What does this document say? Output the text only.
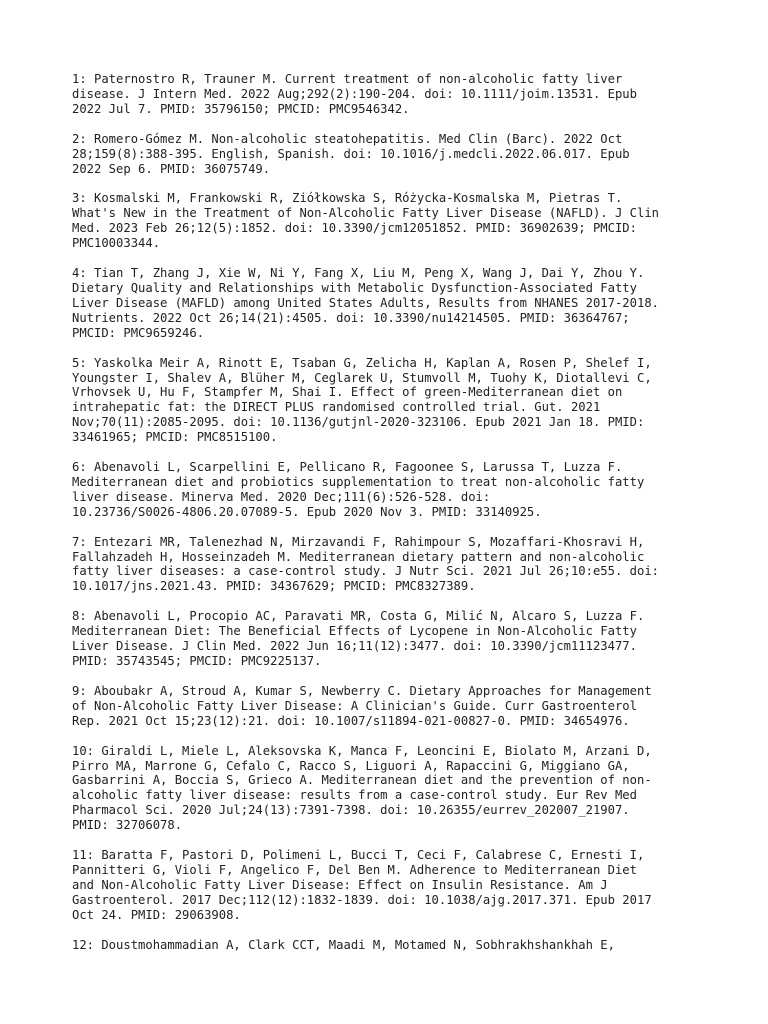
1: Paternostro R, Trauner M. Current treatment of non-alcoholic fatty liver
disease. J Intern Med. 2022 Aug;292(2):190-204. doi: 10.1111/joim.13531. Epub
2022 Jul 7. PMID: 35796150; PMCID: PMC9546342.
2: Romero-Gómez M. Non-alcoholic steatohepatitis. Med Clin (Barc). 2022 Oct
28;159(8):388-395. English, Spanish. doi: 10.1016/j.medcli.2022.06.017. Epub
2022 Sep 6. PMID: 36075749.
3: Kosmalski M, Frankowski R, Ziółkowska S, Różycka-Kosmalska M, Pietras T.
What's New in the Treatment of Non-Alcoholic Fatty Liver Disease (NAFLD). J Clin
Med. 2023 Feb 26;12(5):1852. doi: 10.3390/jcm12051852. PMID: 36902639; PMCID:
PMC10003344.
4: Tian T, Zhang J, Xie W, Ni Y, Fang X, Liu M, Peng X, Wang J, Dai Y, Zhou Y.
Dietary Quality and Relationships with Metabolic Dysfunction-Associated Fatty
Liver Disease (MAFLD) among United States Adults, Results from NHANES 2017-2018.
Nutrients. 2022 Oct 26;14(21):4505. doi: 10.3390/nu14214505. PMID: 36364767;
PMCID: PMC9659246.
5: Yaskolka Meir A, Rinott E, Tsaban G, Zelicha H, Kaplan A, Rosen P, Shelef I,
Youngster I, Shalev A, Blüher M, Ceglarek U, Stumvoll M, Tuohy K, Diotallevi C,
Vrhovsek U, Hu F, Stampfer M, Shai I. Effect of green-Mediterranean diet on
intrahepatic fat: the DIRECT PLUS randomised controlled trial. Gut. 2021
Nov;70(11):2085-2095. doi: 10.1136/gutjnl-2020-323106. Epub 2021 Jan 18. PMID:
33461965; PMCID: PMC8515100.
6: Abenavoli L, Scarpellini E, Pellicano R, Fagoonee S, Larussa T, Luzza F.
Mediterranean diet and probiotics supplementation to treat non-alcoholic fatty
liver disease. Minerva Med. 2020 Dec;111(6):526-528. doi:
10.23736/S0026-4806.20.07089-5. Epub 2020 Nov 3. PMID: 33140925.
7: Entezari MR, Talenezhad N, Mirzavandi F, Rahimpour S, Mozaffari-Khosravi H,
Fallahzadeh H, Hosseinzadeh M. Mediterranean dietary pattern and non-alcoholic
fatty liver diseases: a case-control study. J Nutr Sci. 2021 Jul 26;10:e55. doi:
10.1017/jns.2021.43. PMID: 34367629; PMCID: PMC8327389.
8: Abenavoli L, Procopio AC, Paravati MR, Costa G, Milić N, Alcaro S, Luzza F.
Mediterranean Diet: The Beneficial Effects of Lycopene in Non-Alcoholic Fatty
Liver Disease. J Clin Med. 2022 Jun 16;11(12):3477. doi: 10.3390/jcm11123477.
PMID: 35743545; PMCID: PMC9225137.
9: Aboubakr A, Stroud A, Kumar S, Newberry C. Dietary Approaches for Management
of Non-Alcoholic Fatty Liver Disease: A Clinician's Guide. Curr Gastroenterol
Rep. 2021 Oct 15;23(12):21. doi: 10.1007/s11894-021-00827-0. PMID: 34654976.
10: Giraldi L, Miele L, Aleksovska K, Manca F, Leoncini E, Biolato M, Arzani D,
Pirro MA, Marrone G, Cefalo C, Racco S, Liguori A, Rapaccini G, Miggiano GA,
Gasbarrini A, Boccia S, Grieco A. Mediterranean diet and the prevention of non-
alcoholic fatty liver disease: results from a case-control study. Eur Rev Med
Pharmacol Sci. 2020 Jul;24(13):7391-7398. doi: 10.26355/eurrev_202007_21907.
PMID: 32706078.
11: Baratta F, Pastori D, Polimeni L, Bucci T, Ceci F, Calabrese C, Ernesti I,
Pannitteri G, Violi F, Angelico F, Del Ben M. Adherence to Mediterranean Diet
and Non-Alcoholic Fatty Liver Disease: Effect on Insulin Resistance. Am J
Gastroenterol. 2017 Dec;112(12):1832-1839. doi: 10.1038/ajg.2017.371. Epub 2017
Oct 24. PMID: 29063908.
12: Doustmohammadian A, Clark CCT, Maadi M, Motamed N, Sobhrakhshankhah E,
